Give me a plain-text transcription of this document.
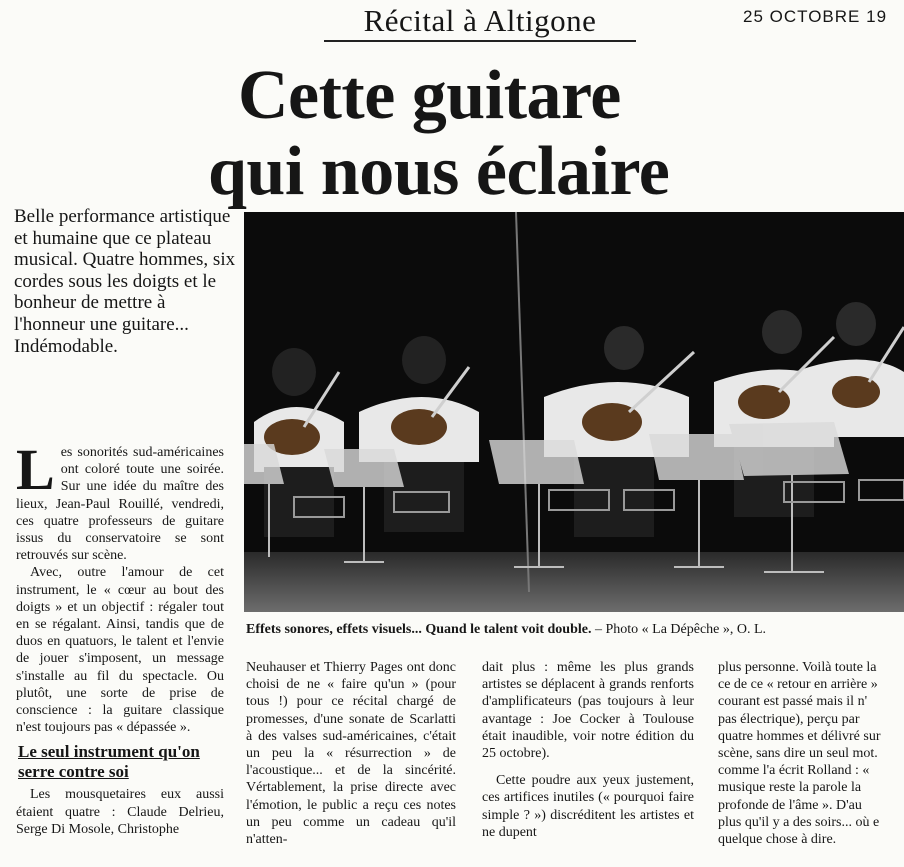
Récital à Altigone	25 OCTOBRE 19
Cette guitare
qui nous éclaire
Belle performance artistique et humaine que ce plateau musical. Quatre hommes, six cordes sous les doigts et le bonheur de mettre à l'honneur une guitare... Indémodable.
Effets sonores, effets visuels... Quand le talent voit double. – Photo « La Dépêche », O. L.

Les sonorités sud-américaines ont coloré toute une soirée. Sur une idée du maître des lieux, Jean-Paul Rouillé, vendredi, ces quatre professeurs de guitare issus du conservatoire se sont retrouvés sur scène.

Avec, outre l'amour de cet instrument, le « cœur au bout des doigts » et un objectif : régaler tout en se régalant. Ainsi, tandis que de duos en quatuors, le talent et l'envie de jouer s'imposent, un message s'installe au fil du spectacle. Ou plutôt, une sorte de prise de conscience : la guitare classique n'est toujours pas « dépassée ».

Le seul instrument qu'on serre contre soi

Les mousquetaires eux aussi étaient quatre : Claude Delrieu, Serge Di Mosole, Christophe

Neuhauser et Thierry Pages ont donc choisi de ne « faire qu'un » (pour tous !) pour ce récital chargé de promesses, d'une sonate de Scarlatti à des valses sud-américaines, c'était un peu la « résurrection » de l'acoustique... et de la sincérité. Vértablement, la prise directe avec l'émotion, le public a reçu ces notes un peu comme un cadeau qu'il n'atten-

dait plus : même les plus grands artistes se déplacent à grands renforts d'amplificateurs (pas toujours à leur avantage : Joe Cocker à Toulouse était inaudible, voir notre édition du 25 octobre).

Cette poudre aux yeux justement, ces artifices inutiles (« pourquoi faire simple ? ») discréditent les artistes et ne dupent

plus personne. Voilà toute la
ce de ce « retour en arrière »
courant est passé mais il n'
pas électrique), perçu par
quatre hommes et délivré sur
scène, sans dire un seul mot.
comme l'a écrit Rolland : «
musique reste la parole la
profonde de l'âme ». D'au
plus qu'il y a des soirs... où e
quelque chose à dire.
